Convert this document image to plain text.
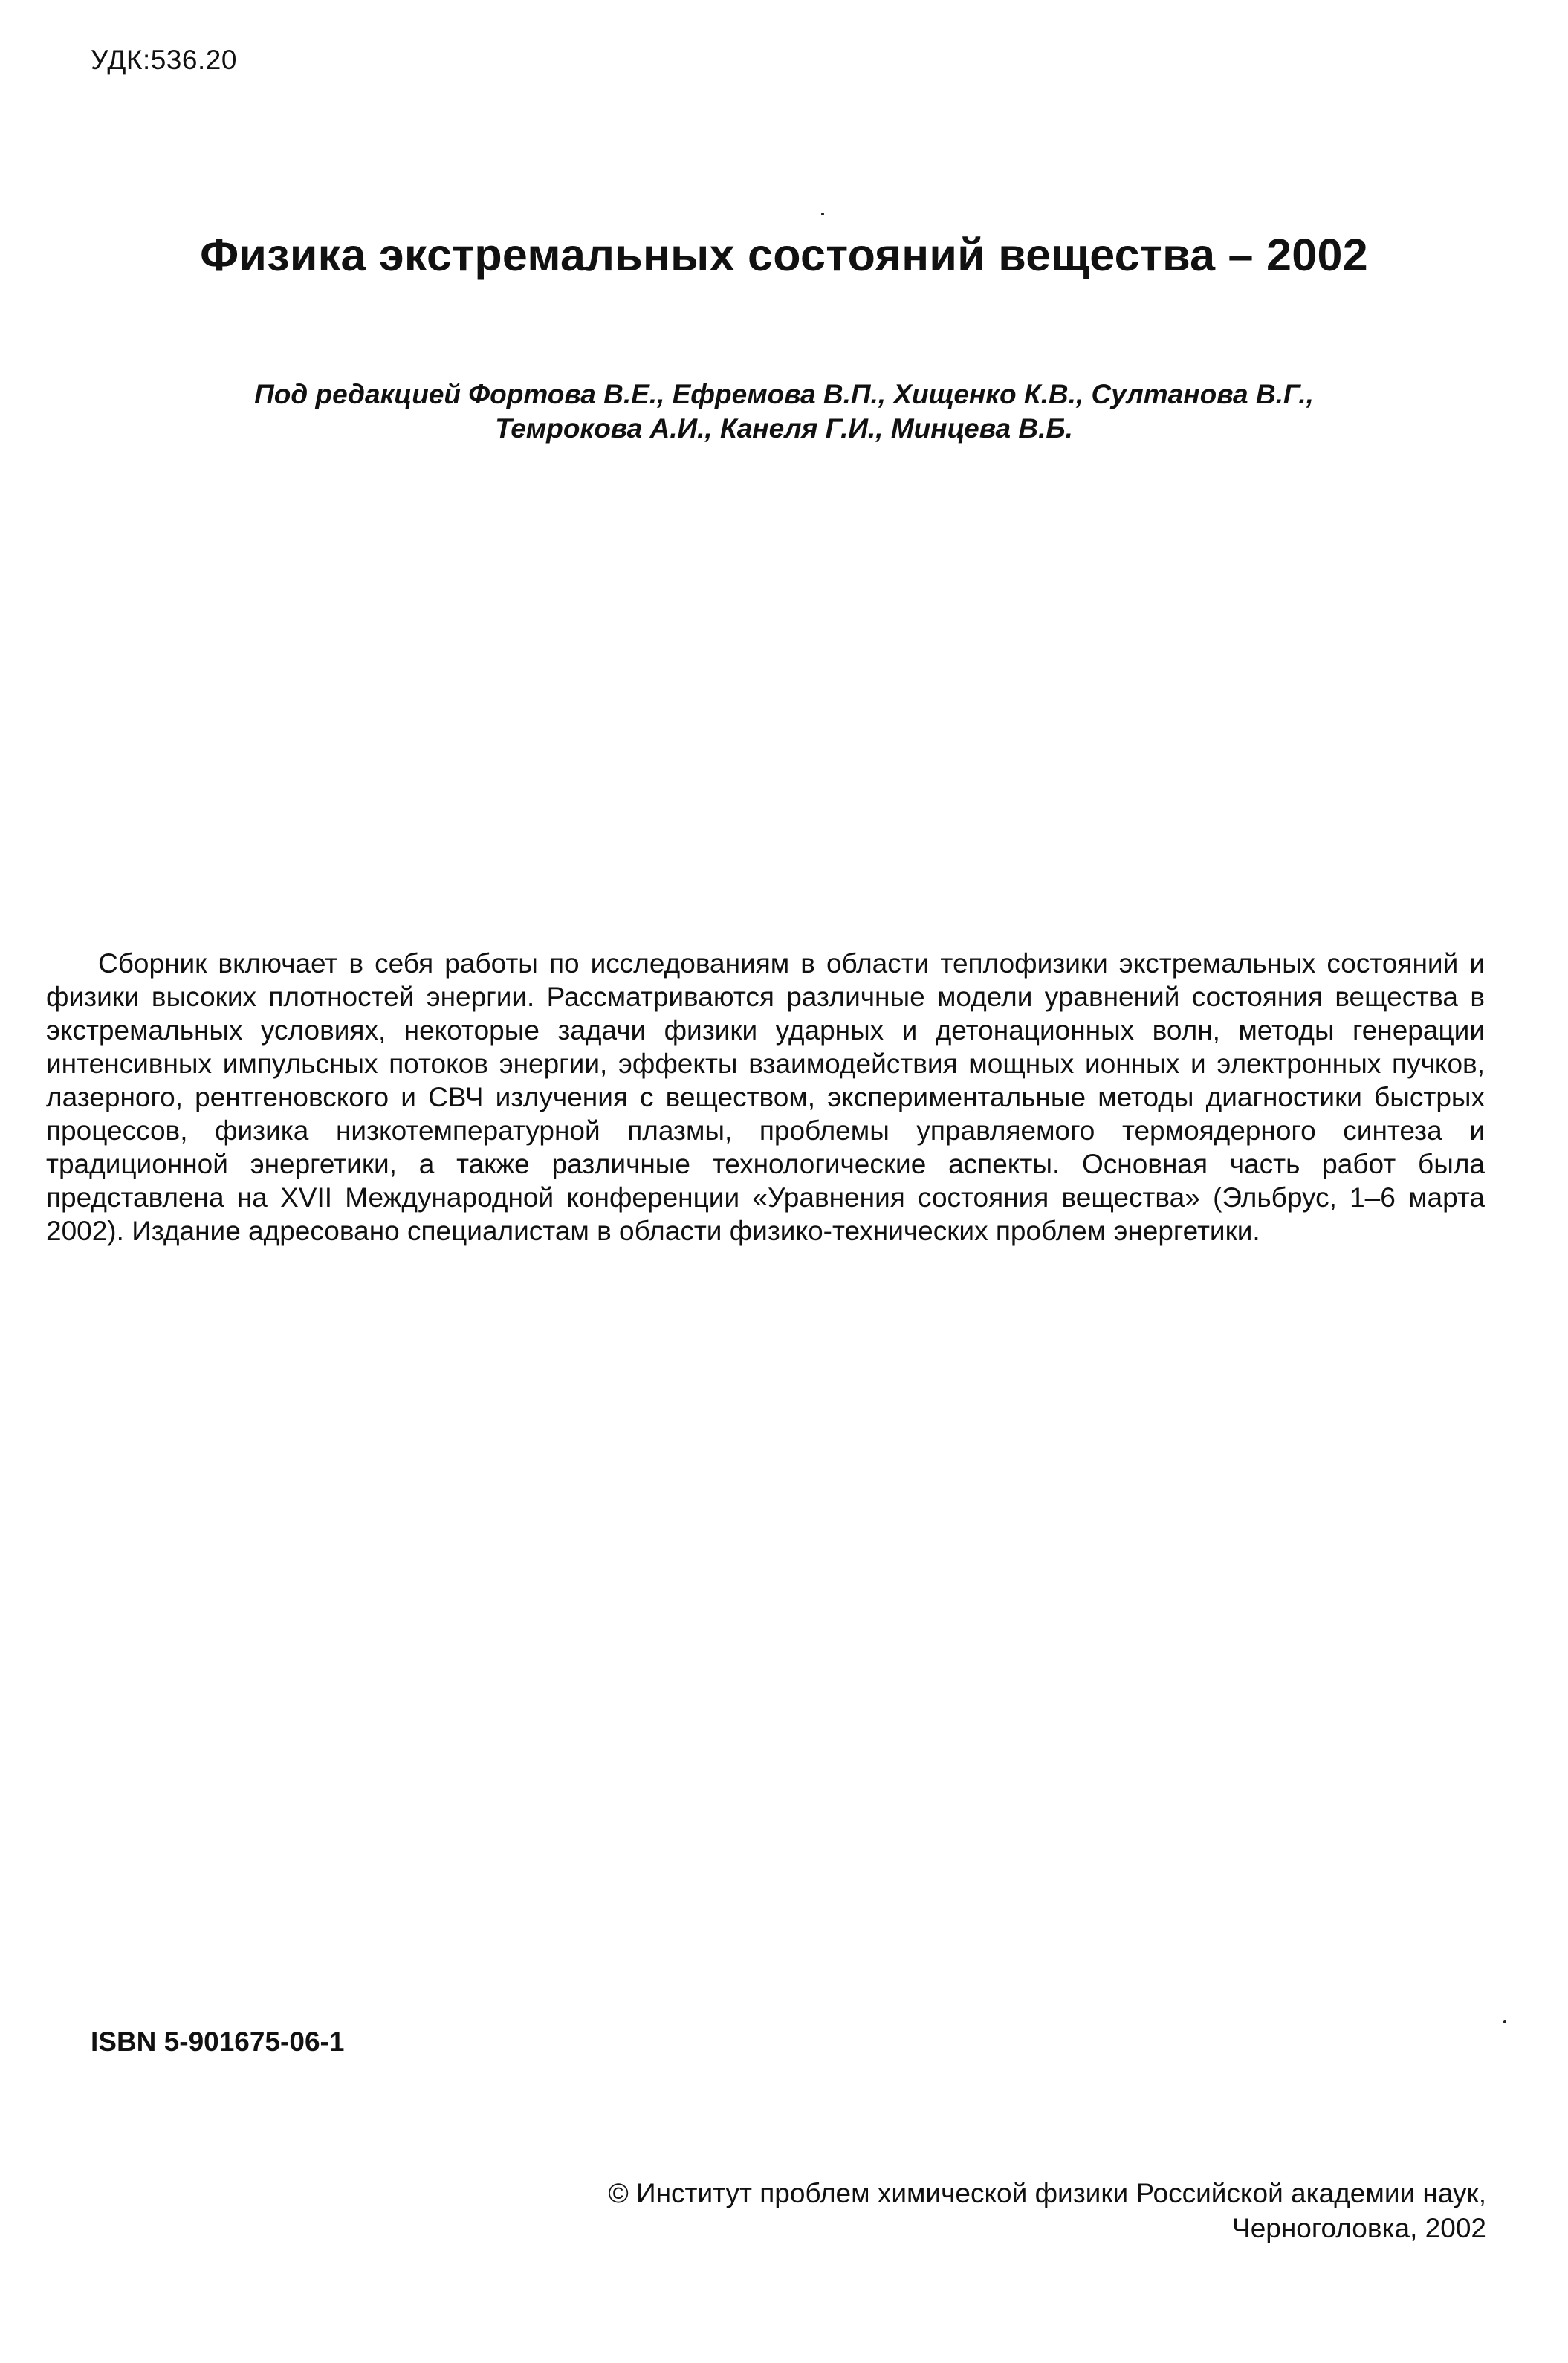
УДК:536.20
Физика экстремальных состояний вещества – 2002
Под редакцией Фортова В.Е., Ефремова В.П., Хищенко К.В., Султанова В.Г.,
Темрокова А.И., Канеля Г.И., Минцева В.Б.

Сборник включает в себя работы по исследованиям в области теплофизики экстремальных состояний и физики высоких плотностей энергии. Рассматриваются различные модели уравнений состояния вещества в экстремальных условиях, некоторые задачи физики ударных и детонационных волн, методы генерации интенсивных импульсных потоков энергии, эффекты взаимодействия мощных ионных и электронных пучков, лазерного, рентгеновского и СВЧ излучения с веществом, экспериментальные методы диагностики быстрых процессов, физика низкотемпературной плазмы, проблемы управляемого термоядерного синтеза и традиционной энергетики, а также различные технологические аспекты. Основная часть работ была представлена на XVII Международной конференции «Уравнения состояния вещества» (Эльбрус, 1–6 марта 2002). Издание адресовано специалистам в области физико-технических проблем энергетики.

ISBN 5-901675-06-1
© Институт проблем химической физики Российской академии наук,
Черноголовка, 2002
